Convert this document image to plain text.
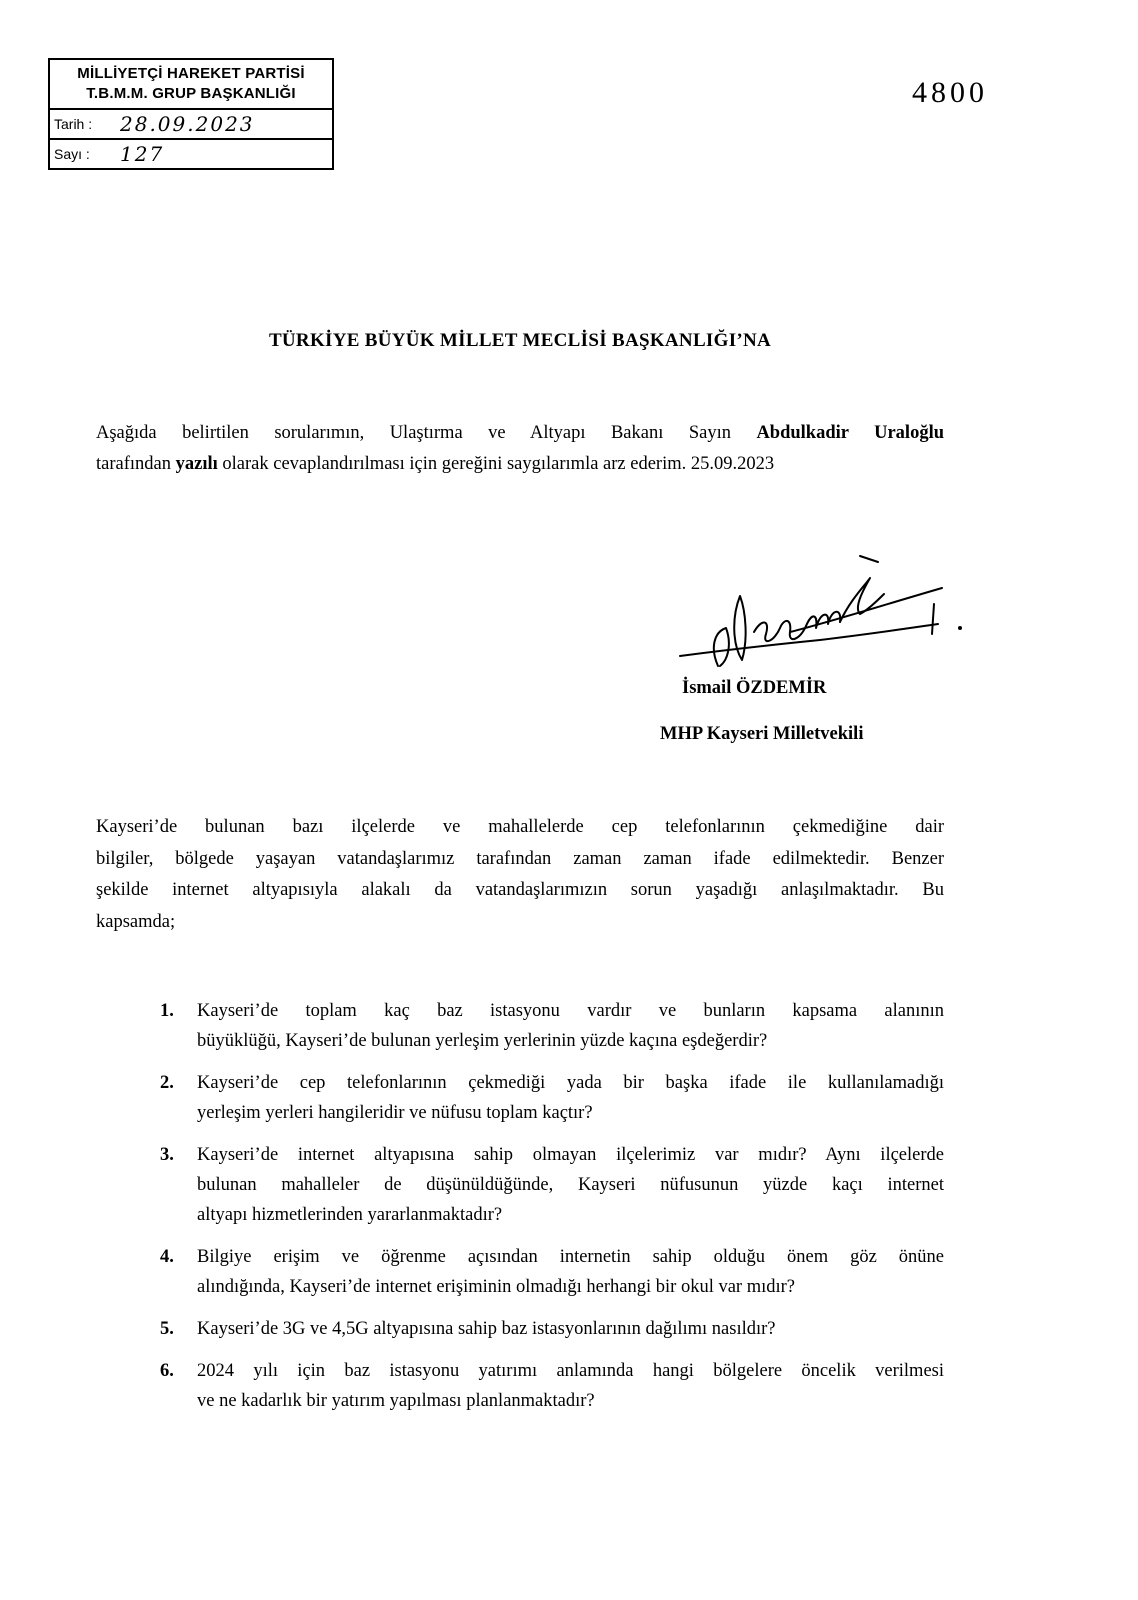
MİLLİYETÇİ HAREKET PARTİSİ
T.B.M.M. GRUP BAŞKANLIĞI
Tarih :	28.09.2023
Sayı :	127
4800
TÜRKİYE BÜYÜK MİLLET MECLİSİ BAŞKANLIĞI’NA
Aşağıda belirtilen sorularımın, Ulaştırma ve Altyapı Bakanı Sayın Abdulkadir Uraloğlu
tarafından yazılı olarak cevaplandırılması için gereğini saygılarımla arz ederim. 25.09.2023
İsmail ÖZDEMİR
MHP Kayseri Milletvekili
Kayseri’de bulunan bazı ilçelerde ve mahallelerde cep telefonlarının çekmediğine dair
bilgiler, bölgede yaşayan vatandaşlarımız tarafından zaman zaman ifade edilmektedir. Benzer
şekilde internet altyapısıyla alakalı da vatandaşlarımızın sorun yaşadığı anlaşılmaktadır. Bu
kapsamda;
1. Kayseri’de toplam kaç baz istasyonu vardır ve bunların kapsama alanının
büyüklüğü, Kayseri’de bulunan yerleşim yerlerinin yüzde kaçına eşdeğerdir?
2. Kayseri’de cep telefonlarının çekmediği yada bir başka ifade ile kullanılamadığı
yerleşim yerleri hangileridir ve nüfusu toplam kaçtır?
3. Kayseri’de internet altyapısına sahip olmayan ilçelerimiz var mıdır? Aynı ilçelerde
bulunan mahalleler de düşünüldüğünde, Kayseri nüfusunun yüzde kaçı internet
altyapı hizmetlerinden yararlanmaktadır?
4. Bilgiye erişim ve öğrenme açısından internetin sahip olduğu önem göz önüne
alındığında, Kayseri’de internet erişiminin olmadığı herhangi bir okul var mıdır?
5. Kayseri’de 3G ve 4,5G altyapısına sahip baz istasyonlarının dağılımı nasıldır?
6. 2024 yılı için baz istasyonu yatırımı anlamında hangi bölgelere öncelik verilmesi
ve ne kadarlık bir yatırım yapılması planlanmaktadır?
